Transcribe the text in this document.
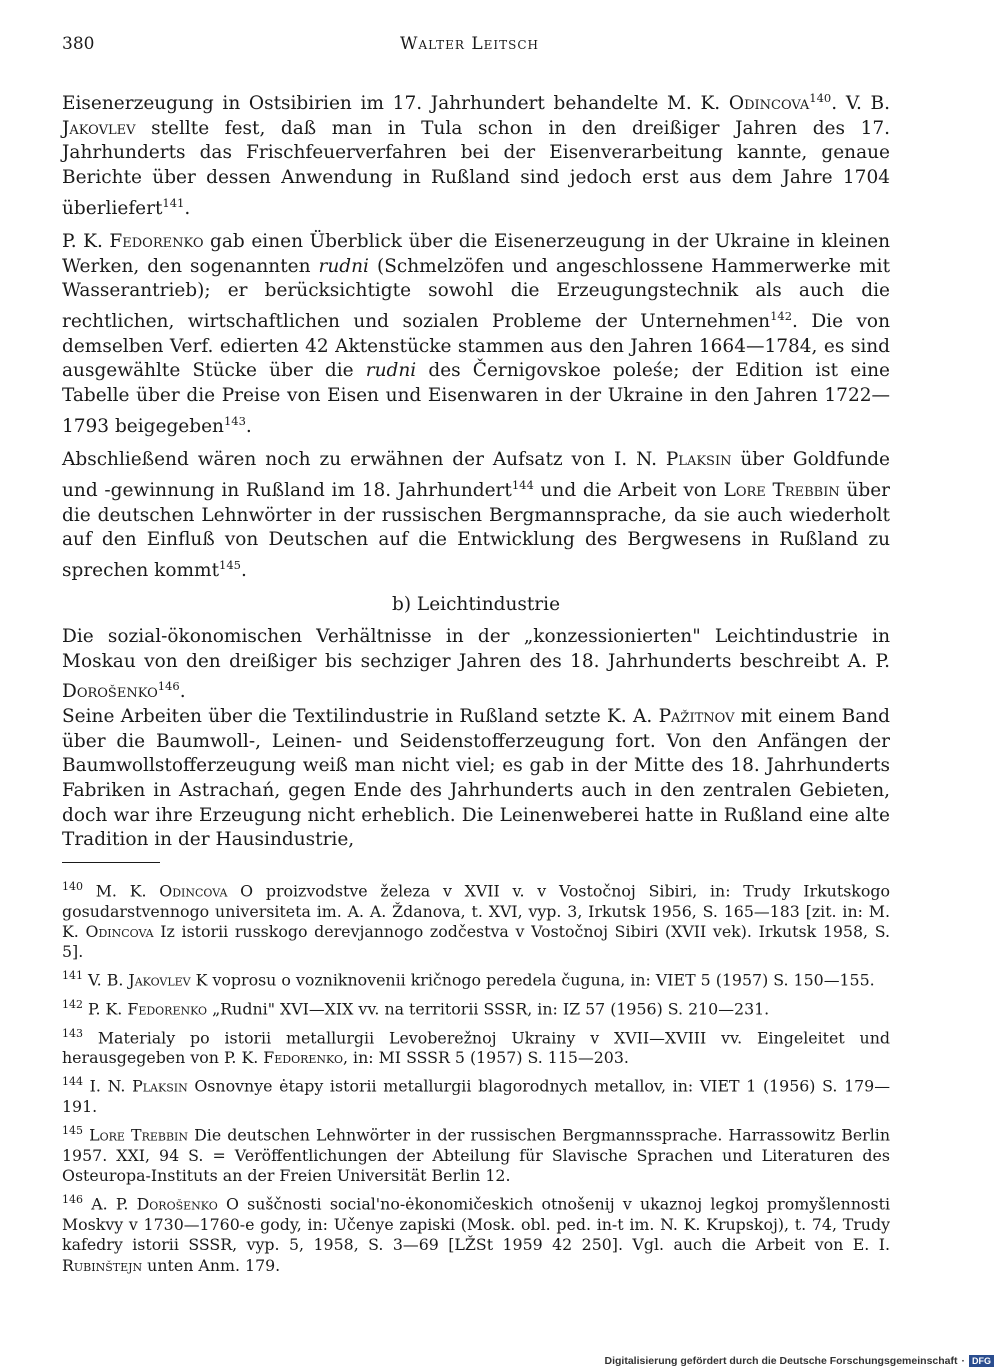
380	Walter Leitsch

Eisenerzeugung in Ostsibirien im 17. Jahrhundert behandelte M. K. Odincova$^{140}$. V. B. Jakovlev stellte fest, daß man in Tula schon in den dreißiger Jahren des 17. Jahrhunderts das Frischfeuerverfahren bei der Eisenverarbeitung kannte, genaue Berichte über dessen Anwendung in Rußland sind jedoch erst aus dem Jahre 1704 überliefert$^{141}$.

P. K. Fedorenko gab einen Überblick über die Eisenerzeugung in der Ukraine in kleinen Werken, den sogenannten rudni (Schmelzöfen und angeschlossene Hammerwerke mit Wasserantrieb); er berücksichtigte sowohl die Erzeugungstechnik als auch die rechtlichen, wirtschaftlichen und sozialen Probleme der Unternehmen$^{142}$. Die von demselben Verf. edierten 42 Aktenstücke stammen aus den Jahren 1664—1784, es sind ausgewählte Stücke über die rudni des Černigovskoe poleśe; der Edition ist eine Tabelle über die Preise von Eisen und Eisenwaren in der Ukraine in den Jahren 1722—1793 beigegeben$^{143}$.

Abschließend wären noch zu erwähnen der Aufsatz von I. N. Plaksin über Goldfunde und -gewinnung in Rußland im 18. Jahrhundert$^{144}$ und die Arbeit von Lore Trebbin über die deutschen Lehnwörter in der russischen Bergmannsprache, da sie auch wiederholt auf den Einfluß von Deutschen auf die Entwicklung des Bergwesens in Rußland zu sprechen kommt$^{145}$.

b) Leichtindustrie

Die sozial-ökonomischen Verhältnisse in der „konzessionierten" Leichtindustrie in Moskau von den dreißiger bis sechziger Jahren des 18. Jahrhunderts beschreibt A. P. Dorošenko$^{146}$.

Seine Arbeiten über die Textilindustrie in Rußland setzte K. A. Pažitnov mit einem Band über die Baumwoll-, Leinen- und Seidenstofferzeugung fort. Von den Anfängen der Baumwollstofferzeugung weiß man nicht viel; es gab in der Mitte des 18. Jahrhunderts Fabriken in Astrachań, gegen Ende des Jahrhunderts auch in den zentralen Gebieten, doch war ihre Erzeugung nicht erheblich. Die Leinenweberei hatte in Rußland eine alte Tradition in der Hausindustrie,

$^{140}$ M. K. Odincova O proizvodstve železa v XVII v. v Vostočnoj Sibiri, in: Trudy Irkutskogo gosudarstvennogo universiteta im. A. A. Ždanova, t. XVI, vyp. 3, Irkutsk 1956, S. 165—183 [zit. in: M. K. Odincova Iz istorii russkogo derevjannogo zodčestva v Vostočnoj Sibiri (XVII vek). Irkutsk 1958, S. 5].

$^{141}$ V. B. Jakovlev K voprosu o vozniknovenii kričnogo peredela čuguna, in: VIET 5 (1957) S. 150—155.

$^{142}$ P. K. Fedorenko „Rudni" XVI—XIX vv. na territorii SSSR, in: IZ 57 (1956) S. 210—231.

$^{143}$ Materialy po istorii metallurgii Levoberežnoj Ukrainy v XVII—XVIII vv. Eingeleitet und herausgegeben von P. K. Fedorenko, in: MI SSSR 5 (1957) S. 115—203.

$^{144}$ I. N. Plaksin Osnovnye ėtapy istorii metallurgii blagorodnych metallov, in: VIET 1 (1956) S. 179—191.

$^{145}$ Lore Trebbin Die deutschen Lehnwörter in der russischen Bergmannssprache. Harrassowitz Berlin 1957. XXI, 94 S. = Veröffentlichungen der Abteilung für Slavische Sprachen und Literaturen des Osteuropa-Instituts an der Freien Universität Berlin 12.

$^{146}$ A. P. Dorošenko O suščnosti social'no-ėkonomičeskich otnošenij v ukaznoj legkoj promyšlennosti Moskvy v 1730—1760-e gody, in: Učenye zapiski (Mosk. obl. ped. in-t im. N. K. Krupskoj), t. 74, Trudy kafedry istorii SSSR, vyp. 5, 1958, S. 3—69 [LŽSt 1959 42 250]. Vgl. auch die Arbeit von E. I. Rubinštejn unten Anm. 179.

Digitalisierung gefördert durch die Deutsche Forschungsgemeinschaft · DFG
